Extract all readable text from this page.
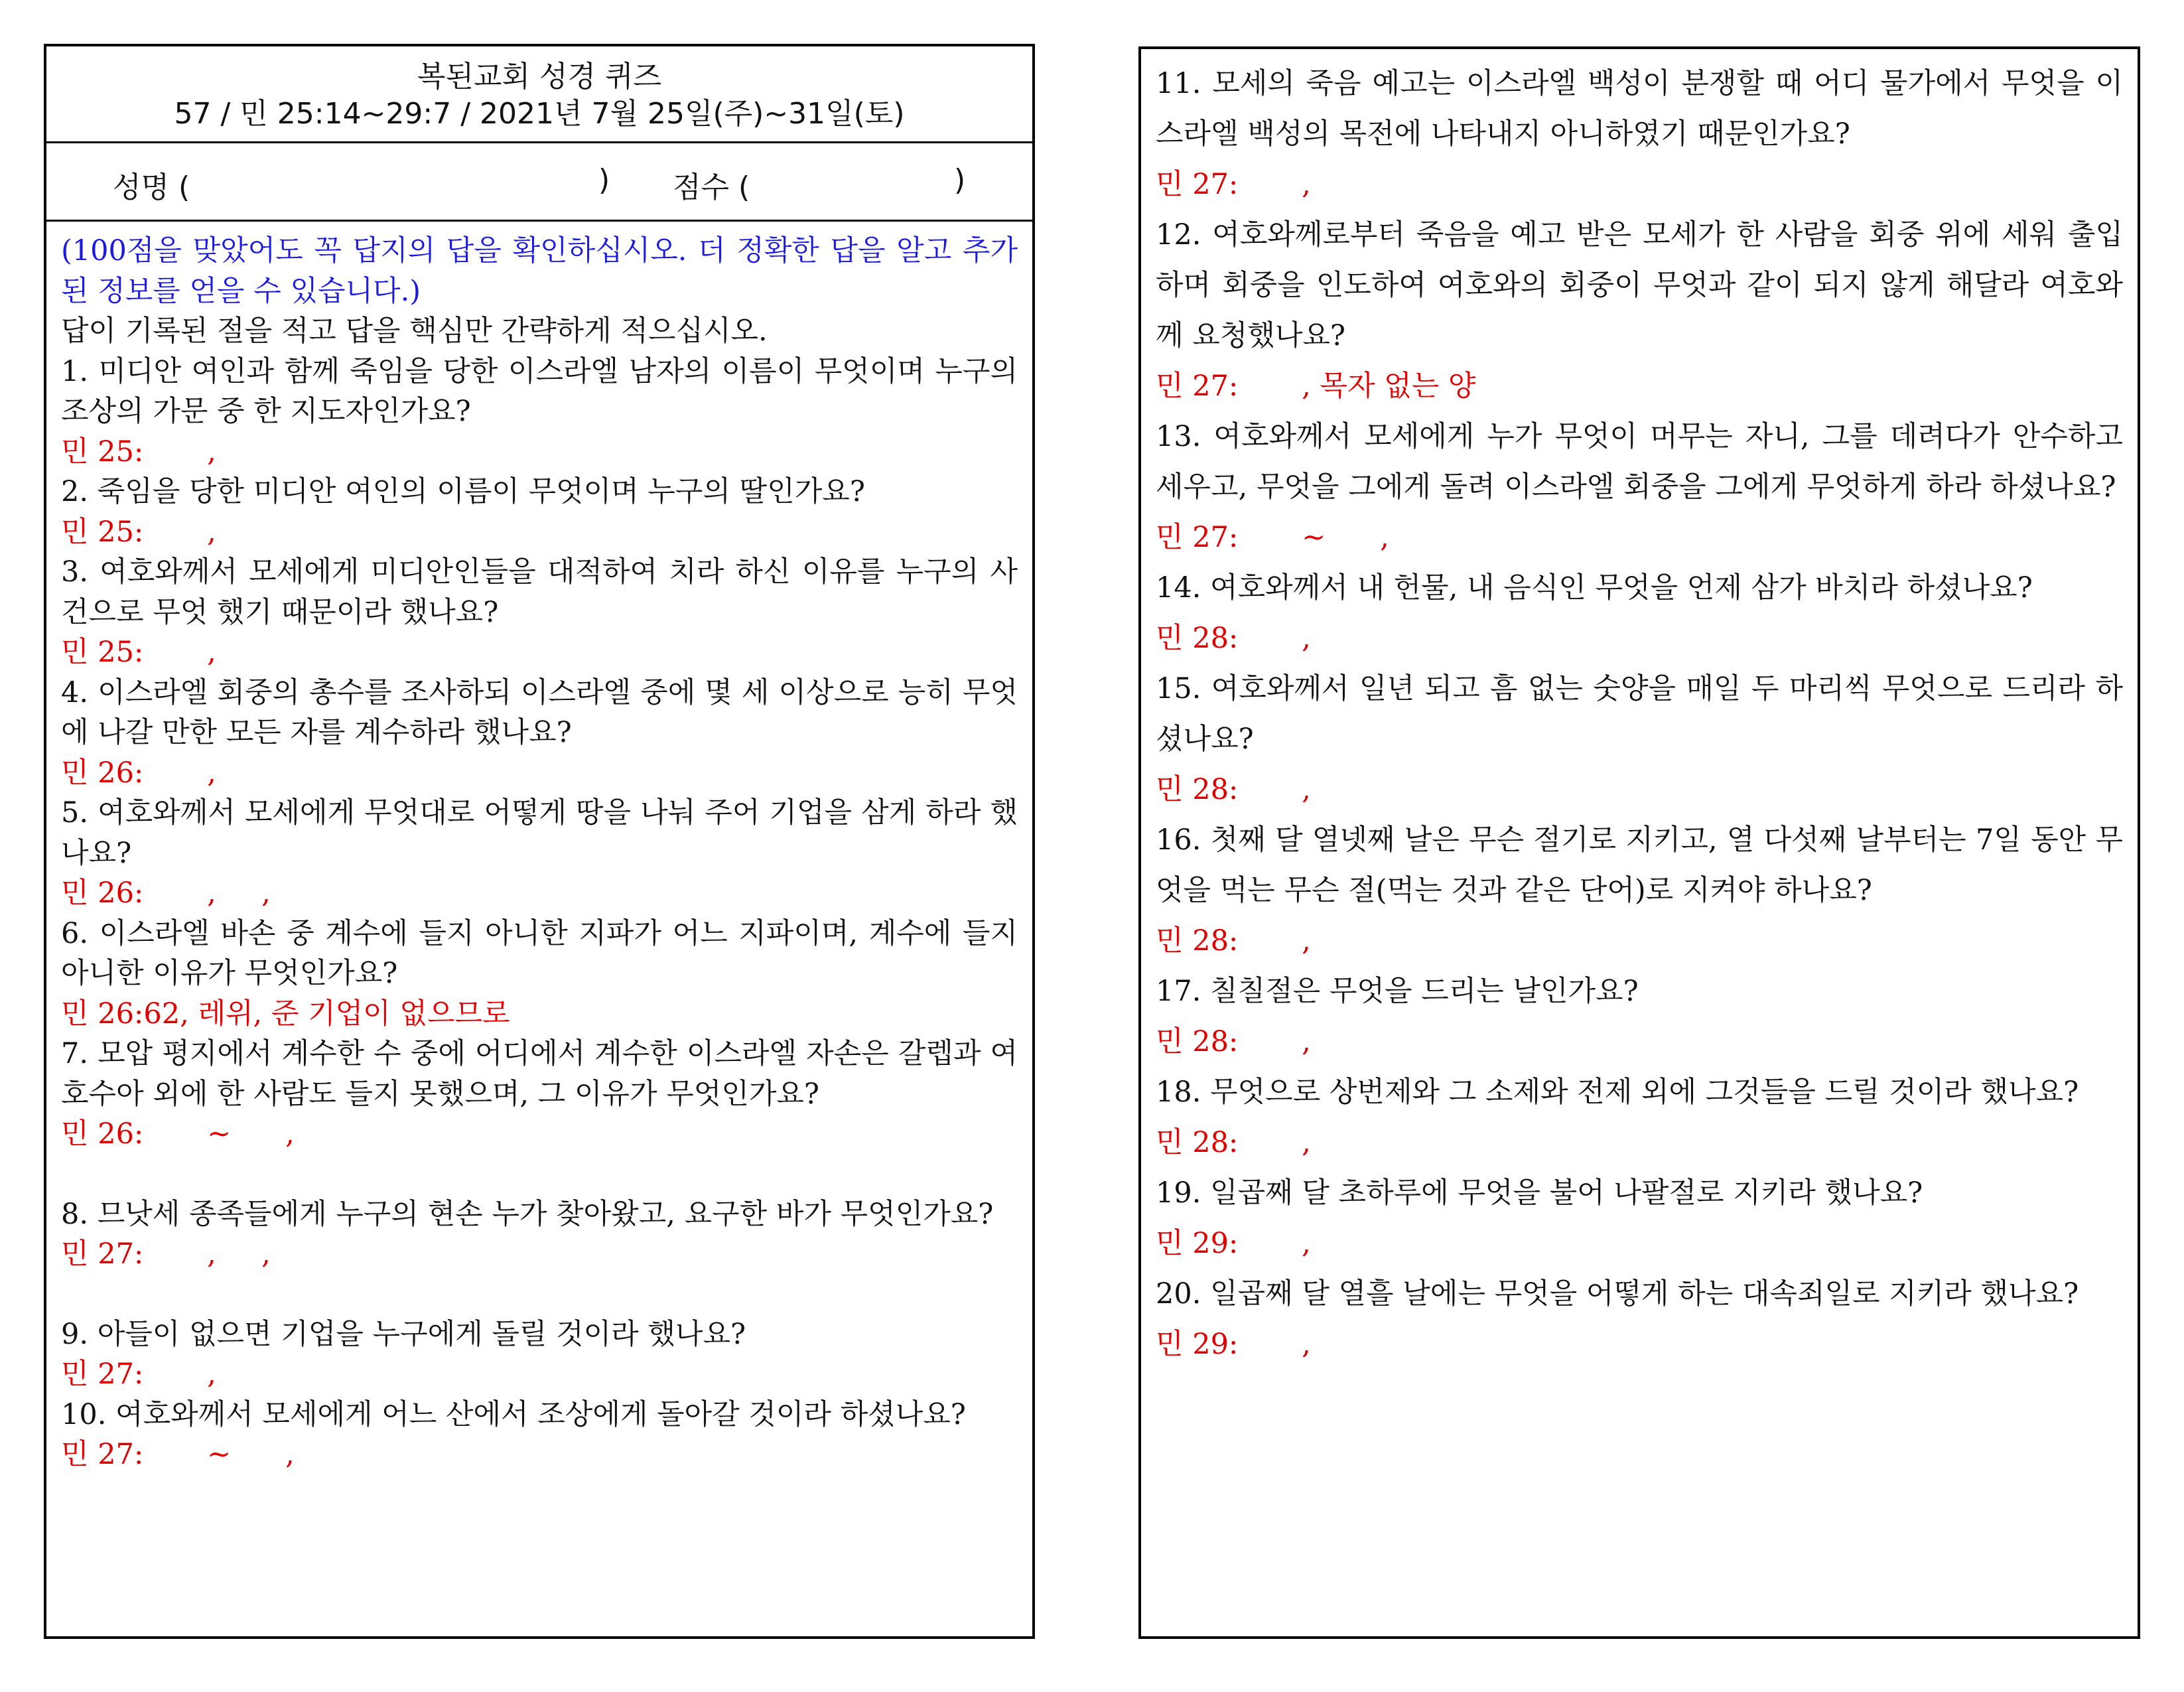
복된교회 성경 퀴즈
57 / 민 25:14~29:7 / 2021년 7월 25일(주)~31일(토)
성명 (	) 점수 (	)

(100점을 맞았어도 꼭 답지의 답을 확인하십시오. 더 정확한 답을 알고 추가된 정보를 얻을 수 있습니다.)

답이 기록된 절을 적고 답을 핵심만 간략하게 적으십시오.

1. 미디안 여인과 함께 죽임을 당한 이스라엘 남자의 이름이 무엇이며 누구의 조상의 가문 중 한 지도자인가요?

민 25:       ,

2. 죽임을 당한 미디안 여인의 이름이 무엇이며 누구의 딸인가요?

민 25:       ,

3. 여호와께서 모세에게 미디안인들을 대적하여 치라 하신 이유를 누구의 사건으로 무엇 했기 때문이라 했나요?

민 25:       ,

4. 이스라엘 회중의 총수를 조사하되 이스라엘 중에 몇 세 이상으로 능히 무엇에 나갈 만한 모든 자를 계수하라 했나요?

민 26:       ,

5. 여호와께서 모세에게 무엇대로 어떻게 땅을 나눠 주어 기업을 삼게 하라 했나요?

민 26:       ,     ,

6. 이스라엘 바손 중 계수에 들지 아니한 지파가 어느 지파이며, 계수에 들지 아니한 이유가 무엇인가요?

민 26:62, 레위, 준 기업이 없으므로

7. 모압 평지에서 계수한 수 중에 어디에서 계수한 이스라엘 자손은 갈렙과 여호수아 외에 한 사람도 들지 못했으며, 그 이유가 무엇인가요?

민 26:       ~      ,

8. 므낫세 종족들에게 누구의 현손 누가 찾아왔고, 요구한 바가 무엇인가요?

민 27:       ,     ,

9. 아들이 없으면 기업을 누구에게 돌릴 것이라 했나요?

민 27:       ,

10. 여호와께서 모세에게 어느 산에서 조상에게 돌아갈 것이라 하셨나요?

민 27:       ~      ,

11. 모세의 죽음 예고는 이스라엘 백성이 분쟁할 때 어디 물가에서 무엇을 이스라엘 백성의 목전에 나타내지 아니하였기 때문인가요?

민 27:       ,

12. 여호와께로부터 죽음을 예고 받은 모세가 한 사람을 회중 위에 세워 출입하며 회중을 인도하여 여호와의 회중이 무엇과 같이 되지 않게 해달라 여호와께 요청했나요?

민 27:       , 목자 없는 양

13. 여호와께서 모세에게 누가 무엇이 머무는 자니, 그를 데려다가 안수하고 세우고, 무엇을 그에게 돌려 이스라엘 회중을 그에게 무엇하게 하라 하셨나요?

민 27:       ~      ,

14. 여호와께서 내 헌물, 내 음식인 무엇을 언제 삼가 바치라 하셨나요?

민 28:       ,

15. 여호와께서 일년 되고 흠 없는 숫양을 매일 두 마리씩 무엇으로 드리라 하셨나요?

민 28:       ,

16. 첫째 달 열넷째 날은 무슨 절기로 지키고, 열 다섯째 날부터는 7일 동안 무엇을 먹는 무슨 절(먹는 것과 같은 단어)로 지켜야 하나요?

민 28:       ,

17. 칠칠절은 무엇을 드리는 날인가요?

민 28:       ,

18. 무엇으로 상번제와 그 소제와 전제 외에 그것들을 드릴 것이라 했나요?

민 28:       ,

19. 일곱째 달 초하루에 무엇을 불어 나팔절로 지키라 했나요?

민 29:       ,

20. 일곱째 달 열흘 날에는 무엇을 어떻게 하는 대속죄일로 지키라 했나요?

민 29:       ,
